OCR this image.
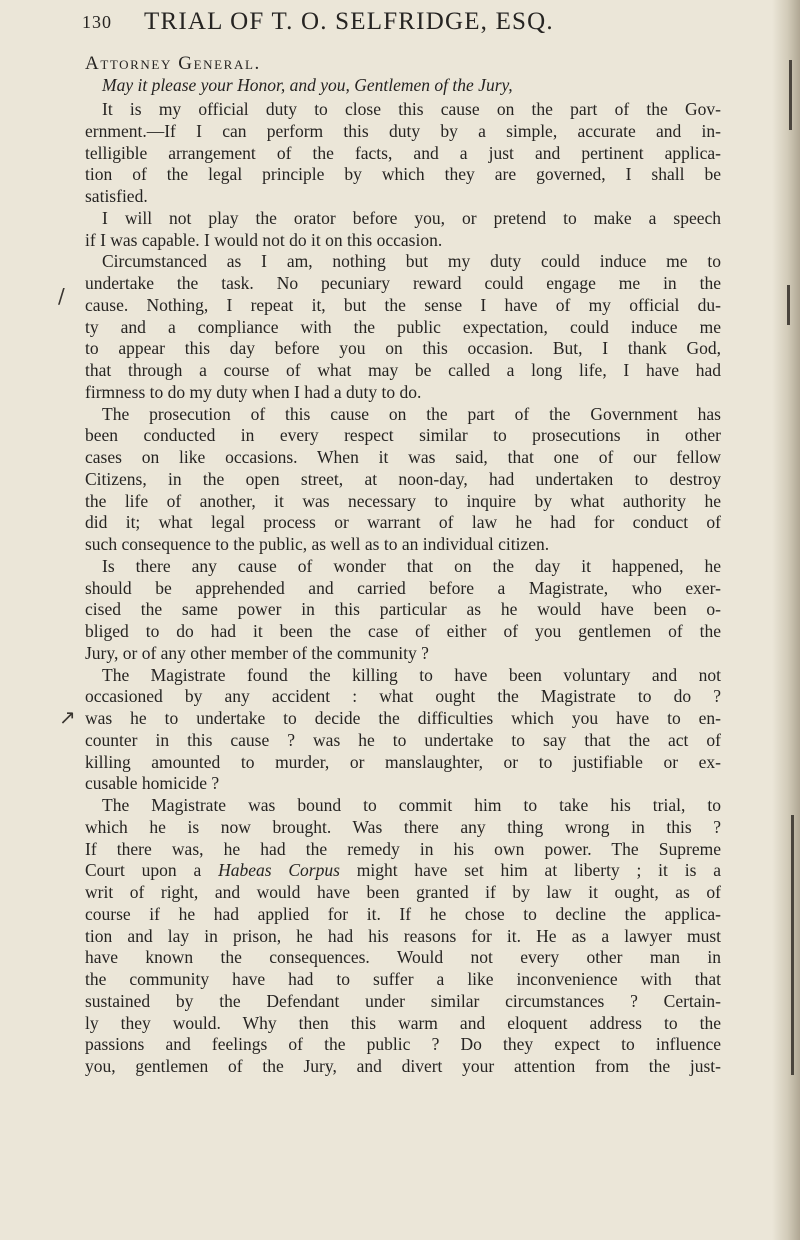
130 TRIAL OF T. O. SELFRIDGE, ESQ.
Attorney General.
May it please your Honor, and you, Gentlemen of the Jury,
It is my official duty to close this cause on the part of the Gov-
ernment.—If I can perform this duty by a simple, accurate and in-
telligible arrangement of the facts, and a just and pertinent applica-
tion of the legal principle by which they are governed, I shall be
satisfied.
I will not play the orator before you, or pretend to make a speech
if I was capable. I would not do it on this occasion.
Circumstanced as I am, nothing but my duty could induce me to
undertake the task. No pecuniary reward could engage me in the
cause. Nothing, I repeat it, but the sense I have of my official du-
ty and a compliance with the public expectation, could induce me
to appear this day before you on this occasion. But, I thank God,
that through a course of what may be called a long life, I have had
firmness to do my duty when I had a duty to do.
The prosecution of this cause on the part of the Government has
been conducted in every respect similar to prosecutions in other
cases on like occasions. When it was said, that one of our fellow
Citizens, in the open street, at noon-day, had undertaken to destroy
the life of another, it was necessary to inquire by what authority he
did it; what legal process or warrant of law he had for conduct of
such consequence to the public, as well as to an individual citizen.
Is there any cause of wonder that on the day it happened, he
should be apprehended and carried before a Magistrate, who exer-
cised the same power in this particular as he would have been o-
bliged to do had it been the case of either of you gentlemen of the
Jury, or of any other member of the community ?
The Magistrate found the killing to have been voluntary and not
occasioned by any accident : what ought the Magistrate to do ?
was he to undertake to decide the difficulties which you have to en-
counter in this cause ? was he to undertake to say that the act of
killing amounted to murder, or manslaughter, or to justifiable or ex-
cusable homicide ?
The Magistrate was bound to commit him to take his trial, to
which he is now brought. Was there any thing wrong in this ?
If there was, he had the remedy in his own power. The Supreme
Court upon a Habeas Corpus might have set him at liberty ; it is a
writ of right, and would have been granted if by law it ought, as of
course if he had applied for it. If he chose to decline the applica-
tion and lay in prison, he had his reasons for it. He as a lawyer must
have known the consequences. Would not every other man in
the community have had to suffer a like inconvenience with that
sustained by the Defendant under similar circumstances ? Certain-
ly they would. Why then this warm and eloquent address to the
passions and feelings of the public ? Do they expect to influence
you, gentlemen of the Jury, and divert your attention from the just-
/
↗
